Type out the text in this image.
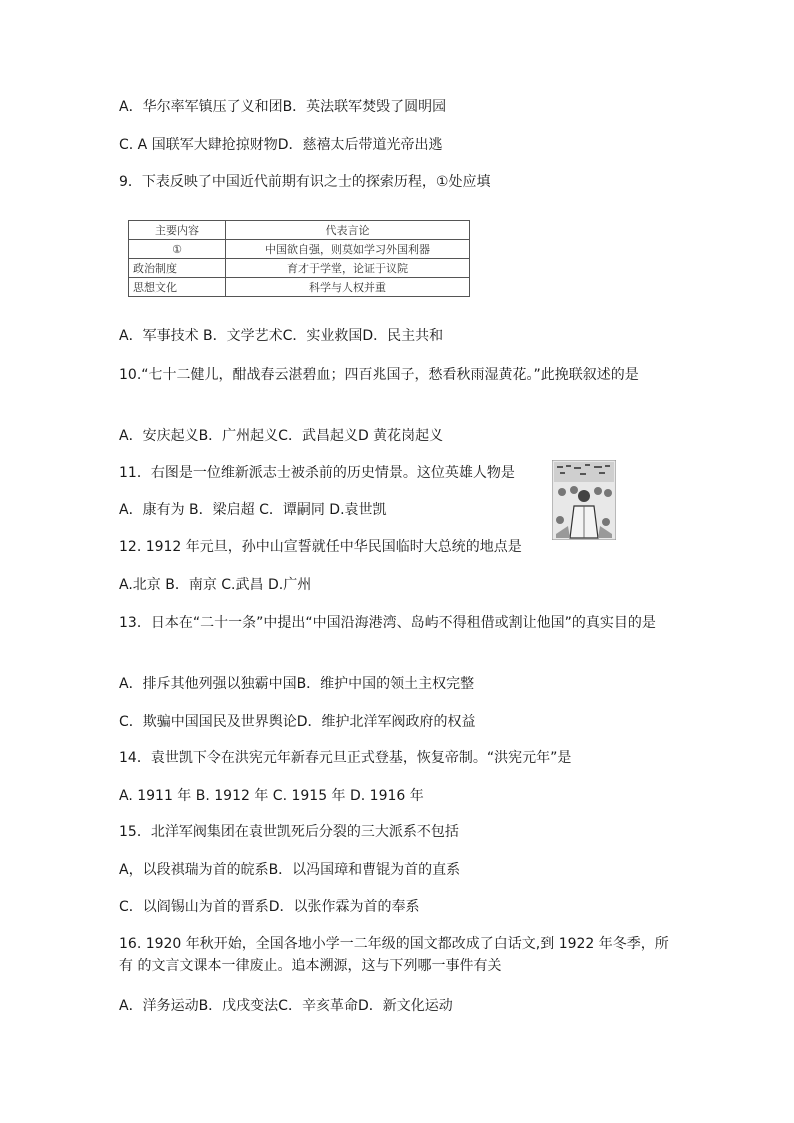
A．华尔率军镇压了义和团B．英法联军焚毁了圆明园
C. A 国联军大肆抢掠财物D．慈禧太后带道光帝出逃
9．下表反映了中国近代前期有识之士的探索历程，①处应填
主要内容	代表言论
①	中国欲自强，则莫如学习外国利器
政治制度	育才于学堂，论证于议院
思想文化	科学与人权并重
A．军事技术 B．文学艺术C．实业救国D．民主共和
10.“七十二健儿，酣战春云湛碧血；四百兆国子，愁看秋雨湿黄花。”此挽联叙述的是
A．安庆起义B．广州起义C．武昌起义D 黄花岗起义
11．右图是一位维新派志士被杀前的历史情景。这位英雄人物是
A．康有为 B．梁启超 C．谭嗣同 D.袁世凯
12. 1912 年元旦，孙中山宣誓就任中华民国临时大总统的地点是
A.北京 B．南京 C.武昌 D.广州
13．日本在“二十一条”中提出“中国沿海港湾、岛屿不得租借或割让他国”的真实目的是
A．排斥其他列强以独霸中国B．维护中国的领土主权完整
C．欺骗中国国民及世界舆论D．维护北洋军阀政府的权益
14．袁世凯下令在洪宪元年新春元旦正式登基，恢复帝制。“洪宪元年”是
A. 1911 年 B. 1912 年 C. 1915 年 D. 1916 年
15．北洋军阀集团在袁世凯死后分裂的三大派系不包括
A，以段祺瑞为首的皖系B．以冯国璋和曹锟为首的直系
C．以阎锡山为首的晋系D．以张作霖为首的奉系
16. 1920 年秋开始，全国各地小学一二年级的国文都改成了白话文,到 1922 年冬季，所有 的文言文课本一律废止。追本溯源，这与下列哪一事件有关
A．洋务运动B．戊戌变法C．辛亥革命D．新文化运动
